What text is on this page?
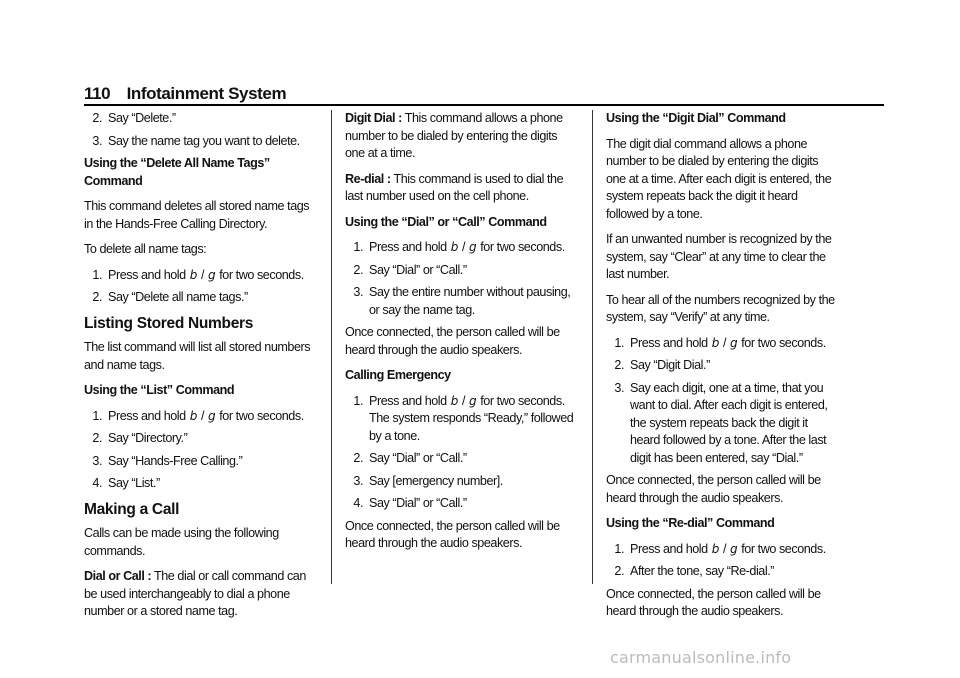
110 Infotainment System
2. Say “Delete.”
3. Say the name tag you want to delete.

Using the “Delete All Name Tags” Command

This command deletes all stored name tags in the Hands-Free Calling Directory.

To delete all name tags:

1. Press and hold b / g for two seconds.
2. Say “Delete all name tags.”
Listing Stored Numbers

The list command will list all stored numbers and name tags.

Using the “List” Command

1. Press and hold b / g for two seconds.
2. Say “Directory.”
3. Say “Hands-Free Calling.”
4. Say “List.”
Making a Call

Calls can be made using the following commands.

Dial or Call : The dial or call command can be used interchangeably to dial a phone number or a stored name tag.

Digit Dial : This command allows a phone number to be dialed by entering the digits one at a time.

Re-dial : This command is used to dial the last number used on the cell phone.

Using the “Dial” or “Call” Command

1. Press and hold b / g for two seconds.
2. Say “Dial” or “Call.”
3. Say the entire number without pausing, or say the name tag.

Once connected, the person called will be heard through the audio speakers.

Calling Emergency

1. Press and hold b / g for two seconds. The system responds “Ready,” followed by a tone.
2. Say “Dial” or “Call.”
3. Say [emergency number].
4. Say “Dial” or “Call.”

Once connected, the person called will be heard through the audio speakers.

Using the “Digit Dial” Command

The digit dial command allows a phone number to be dialed by entering the digits one at a time. After each digit is entered, the system repeats back the digit it heard followed by a tone.

If an unwanted number is recognized by the system, say “Clear” at any time to clear the last number.

To hear all of the numbers recognized by the system, say “Verify” at any time.

1. Press and hold b / g for two seconds.
2. Say “Digit Dial.”
3. Say each digit, one at a time, that you want to dial. After each digit is entered, the system repeats back the digit it heard followed by a tone. After the last digit has been entered, say “Dial.”

Once connected, the person called will be heard through the audio speakers.

Using the “Re-dial” Command

1. Press and hold b / g for two seconds.
2. After the tone, say “Re-dial.”

Once connected, the person called will be heard through the audio speakers.

carmanualsonline.info
